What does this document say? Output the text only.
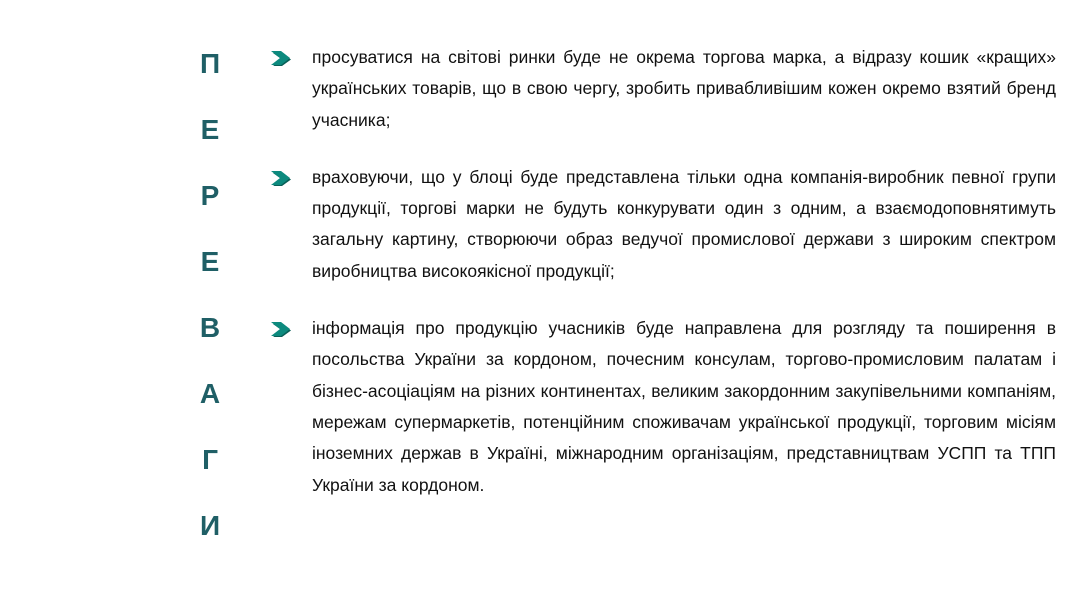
П
Е
Р
Е
В
А
Г
И

просуватися на світові ринки буде не окрема торгова марка, а відразу кошик «кращих» українських товарів, що в свою чергу, зробить привабливішим кожен окремо взятий бренд учасника;

враховуючи, що у блоці буде представлена тільки одна компанія-виробник певної групи продукції, торгові марки не будуть конкурувати один з одним, а взаємодоповнятимуть загальну картину, створюючи образ ведучої промислової держави з широким спектром виробництва високоякісної продукції;

інформація про продукцію учасників буде направлена для розгляду та поширення в посольства України за кордоном, почесним консулам, торгово-промисловим палатам і бізнес-асоціаціям на різних континентах, великим закордонним закупівельними компаніям, мережам супермаркетів, потенційним споживачам української продукції, торговим місіям іноземних держав в Україні, міжнародним організаціям, представництвам УСПП та ТПП України за кордоном.
